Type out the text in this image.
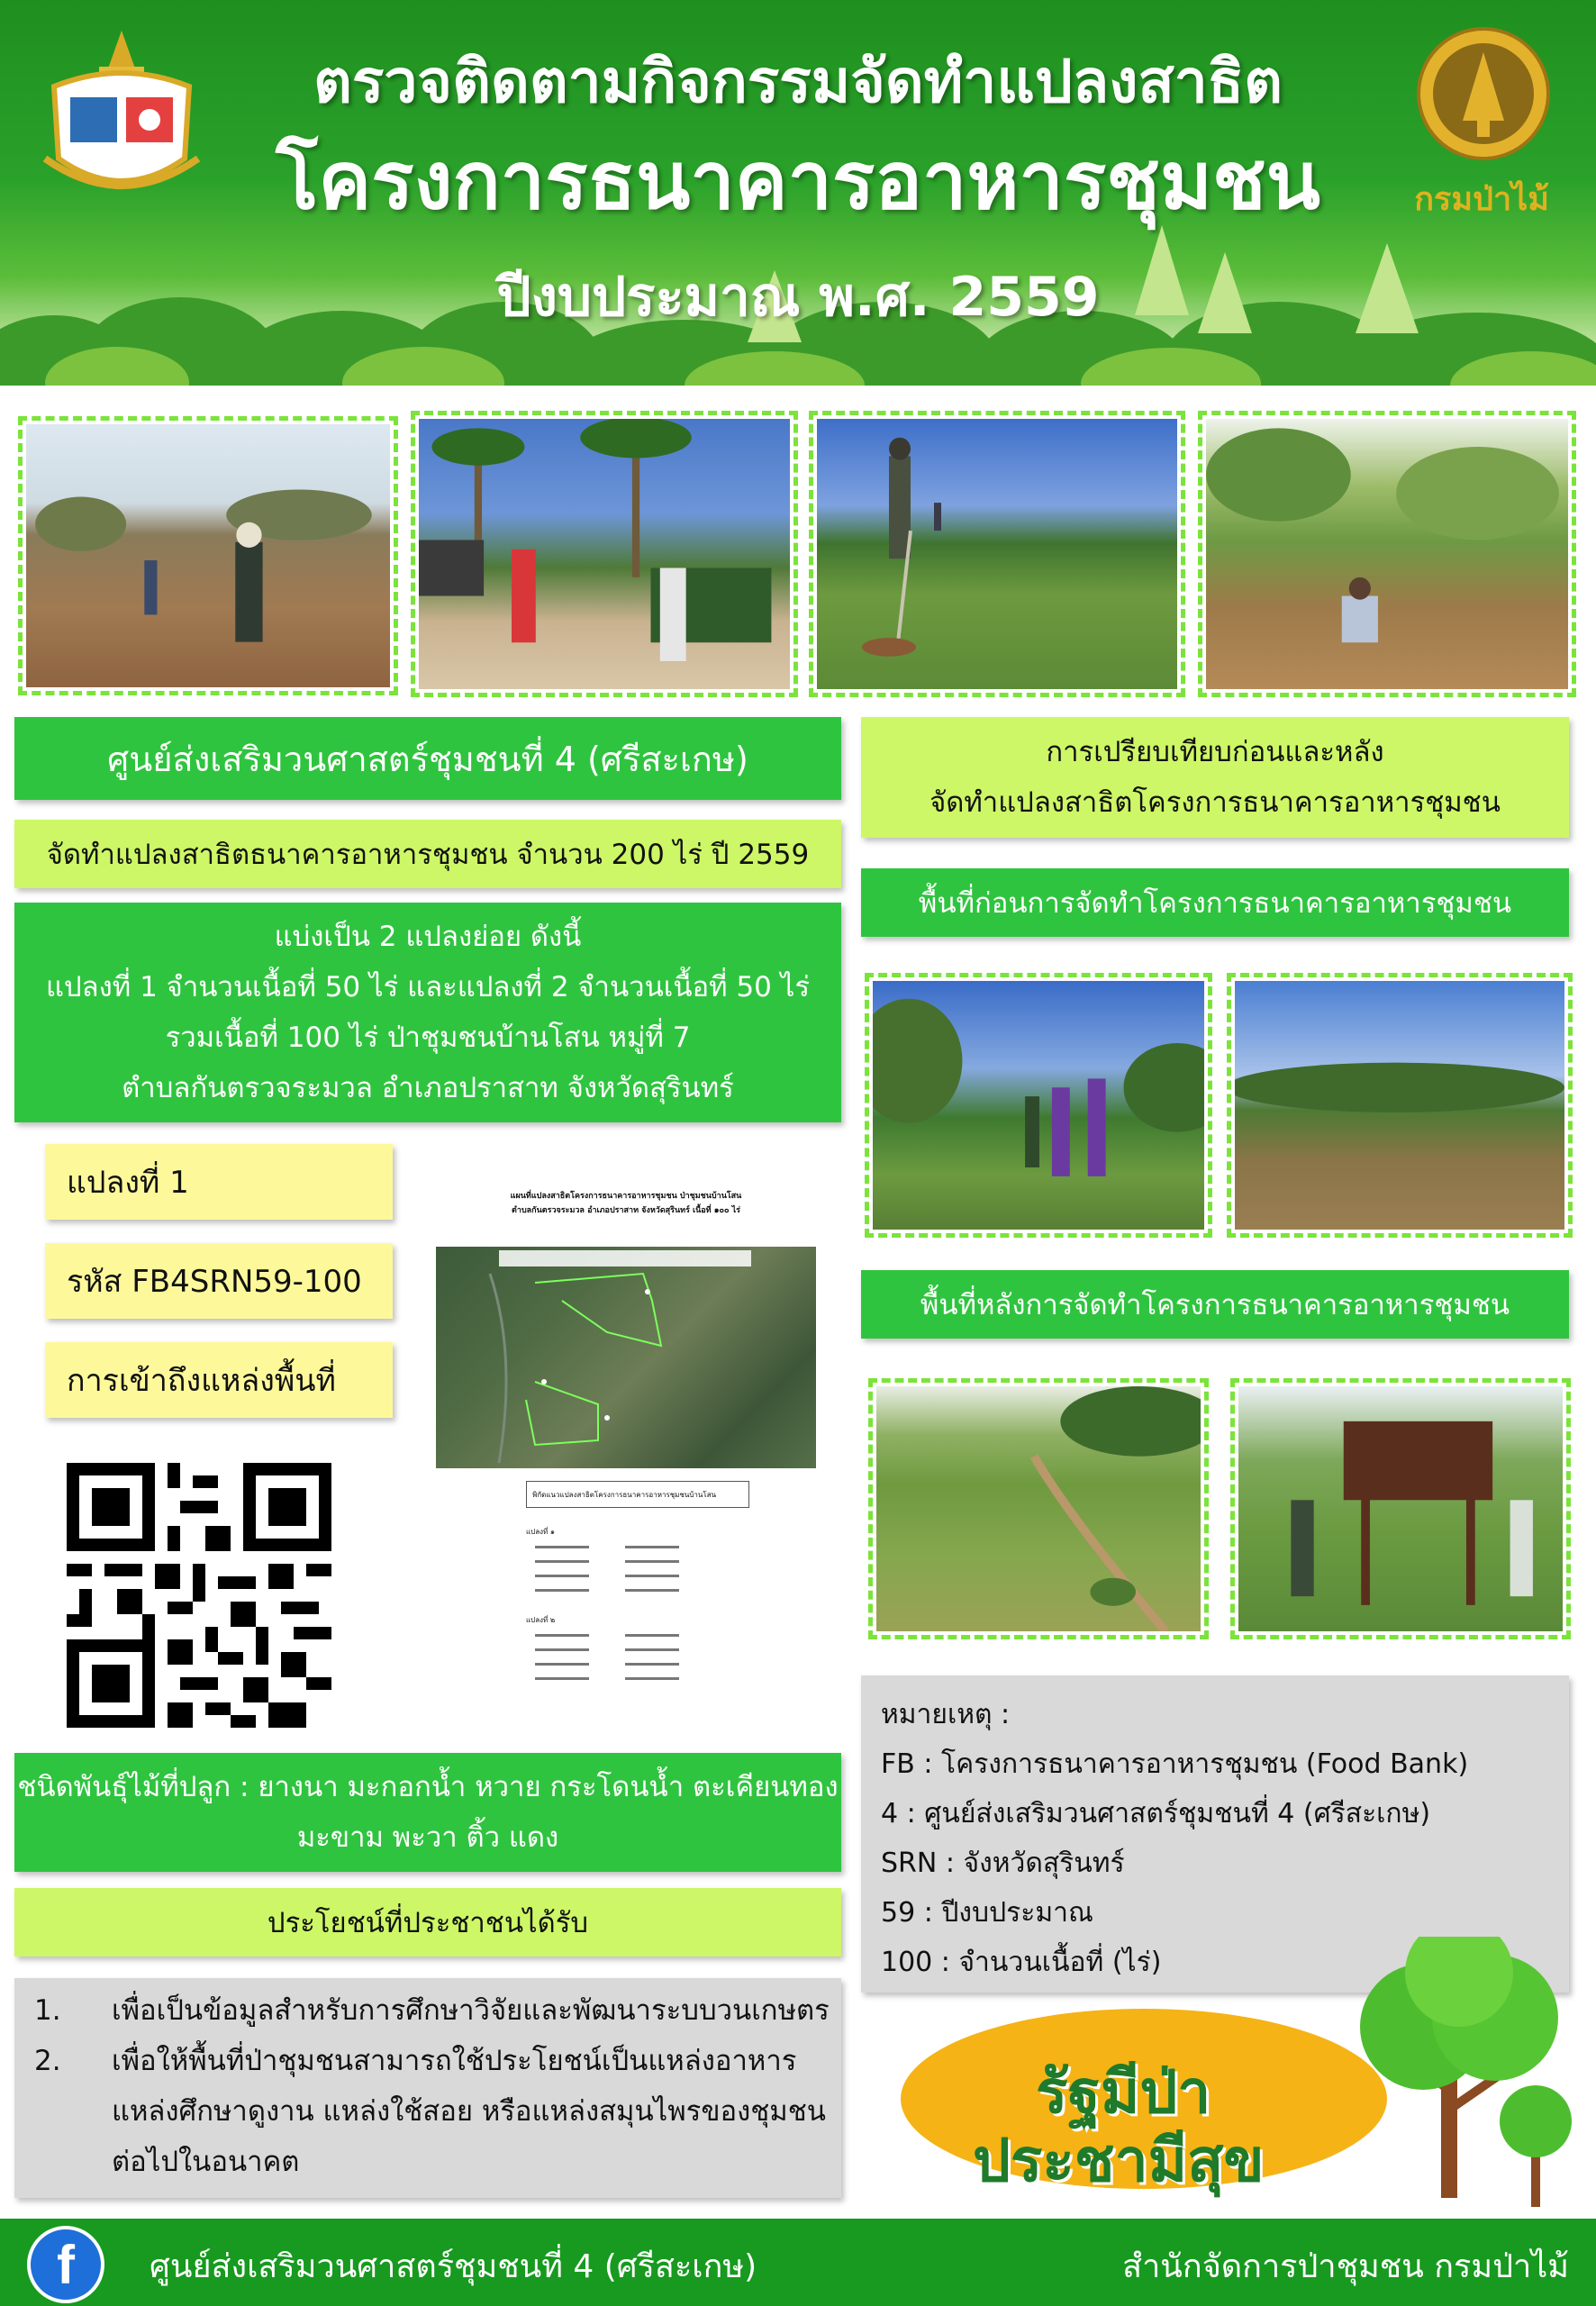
ตรวจติดตามกิจกรรมจัดทำแปลงสาธิต
โครงการธนาคารอาหารชุมชน
ปีงบประมาณ พ.ศ. 2559
กรมป่าไม้
ศูนย์ส่งเสริมวนศาสตร์ชุมชนที่ 4 (ศรีสะเกษ)
จัดทำแปลงสาธิตธนาคารอาหารชุมชน จำนวน 200 ไร่ ปี 2559
แบ่งเป็น 2 แปลงย่อย ดังนี้
แปลงที่ 1 จำนวนเนื้อที่ 50 ไร่ และแปลงที่ 2 จำนวนเนื้อที่ 50 ไร่
รวมเนื้อที่ 100 ไร่ ป่าชุมชนบ้านโสน หมู่ที่ 7
ตำบลกันตรวจระมวล อำเภอปราสาท จังหวัดสุรินทร์
แปลงที่ 1
รหัส FB4SRN59-100
การเข้าถึงแหล่งพื้นที่
แผนที่แปลงสาธิตโครงการธนาคารอาหารชุมชน ป่าชุมชนบ้านโสน
ตำบลกันตรวจระมวล อำเภอปราสาท จังหวัดสุรินทร์ เนื้อที่ ๑๐๐ ไร่
พิกัดแนวแปลงสาธิตโครงการธนาคารอาหารชุมชนบ้านโสน
แปลงที่ ๑
แปลงที่ ๒
ชนิดพันธุ์ไม้ที่ปลูก : ยางนา มะกอกน้ำ หวาย กระโดนน้ำ ตะเคียนทอง
มะขาม พะวา ติ้ว แดง
ประโยชน์ที่ประชาชนได้รับ
1.	เพื่อเป็นข้อมูลสำหรับการศึกษาวิจัยและพัฒนาระบบวนเกษตร
2.	เพื่อให้พื้นที่ป่าชุมชนสามารถใช้ประโยชน์เป็นแหล่งอาหาร
แหล่งศึกษาดูงาน แหล่งใช้สอย หรือแหล่งสมุนไพรของชุมชน
ต่อไปในอนาคต
การเปรียบเทียบก่อนและหลัง
จัดทำแปลงสาธิตโครงการธนาคารอาหารชุมชน
พื้นที่ก่อนการจัดทำโครงการธนาคารอาหารชุมชน
พื้นที่หลังการจัดทำโครงการธนาคารอาหารชุมชน
หมายเหตุ :
FB : โครงการธนาคารอาหารชุมชน (Food Bank)
4 : ศูนย์ส่งเสริมวนศาสตร์ชุมชนที่ 4 (ศรีสะเกษ)
SRN : จังหวัดสุรินทร์
59 : ปีงบประมาณ
100 : จำนวนเนื้อที่ (ไร่)
รัฐมีป่า
ประชามีสุข
f	ศูนย์ส่งเสริมวนศาสตร์ชุมชนที่ 4 (ศรีสะเกษ)	สำนักจัดการป่าชุมชน กรมป่าไม้
